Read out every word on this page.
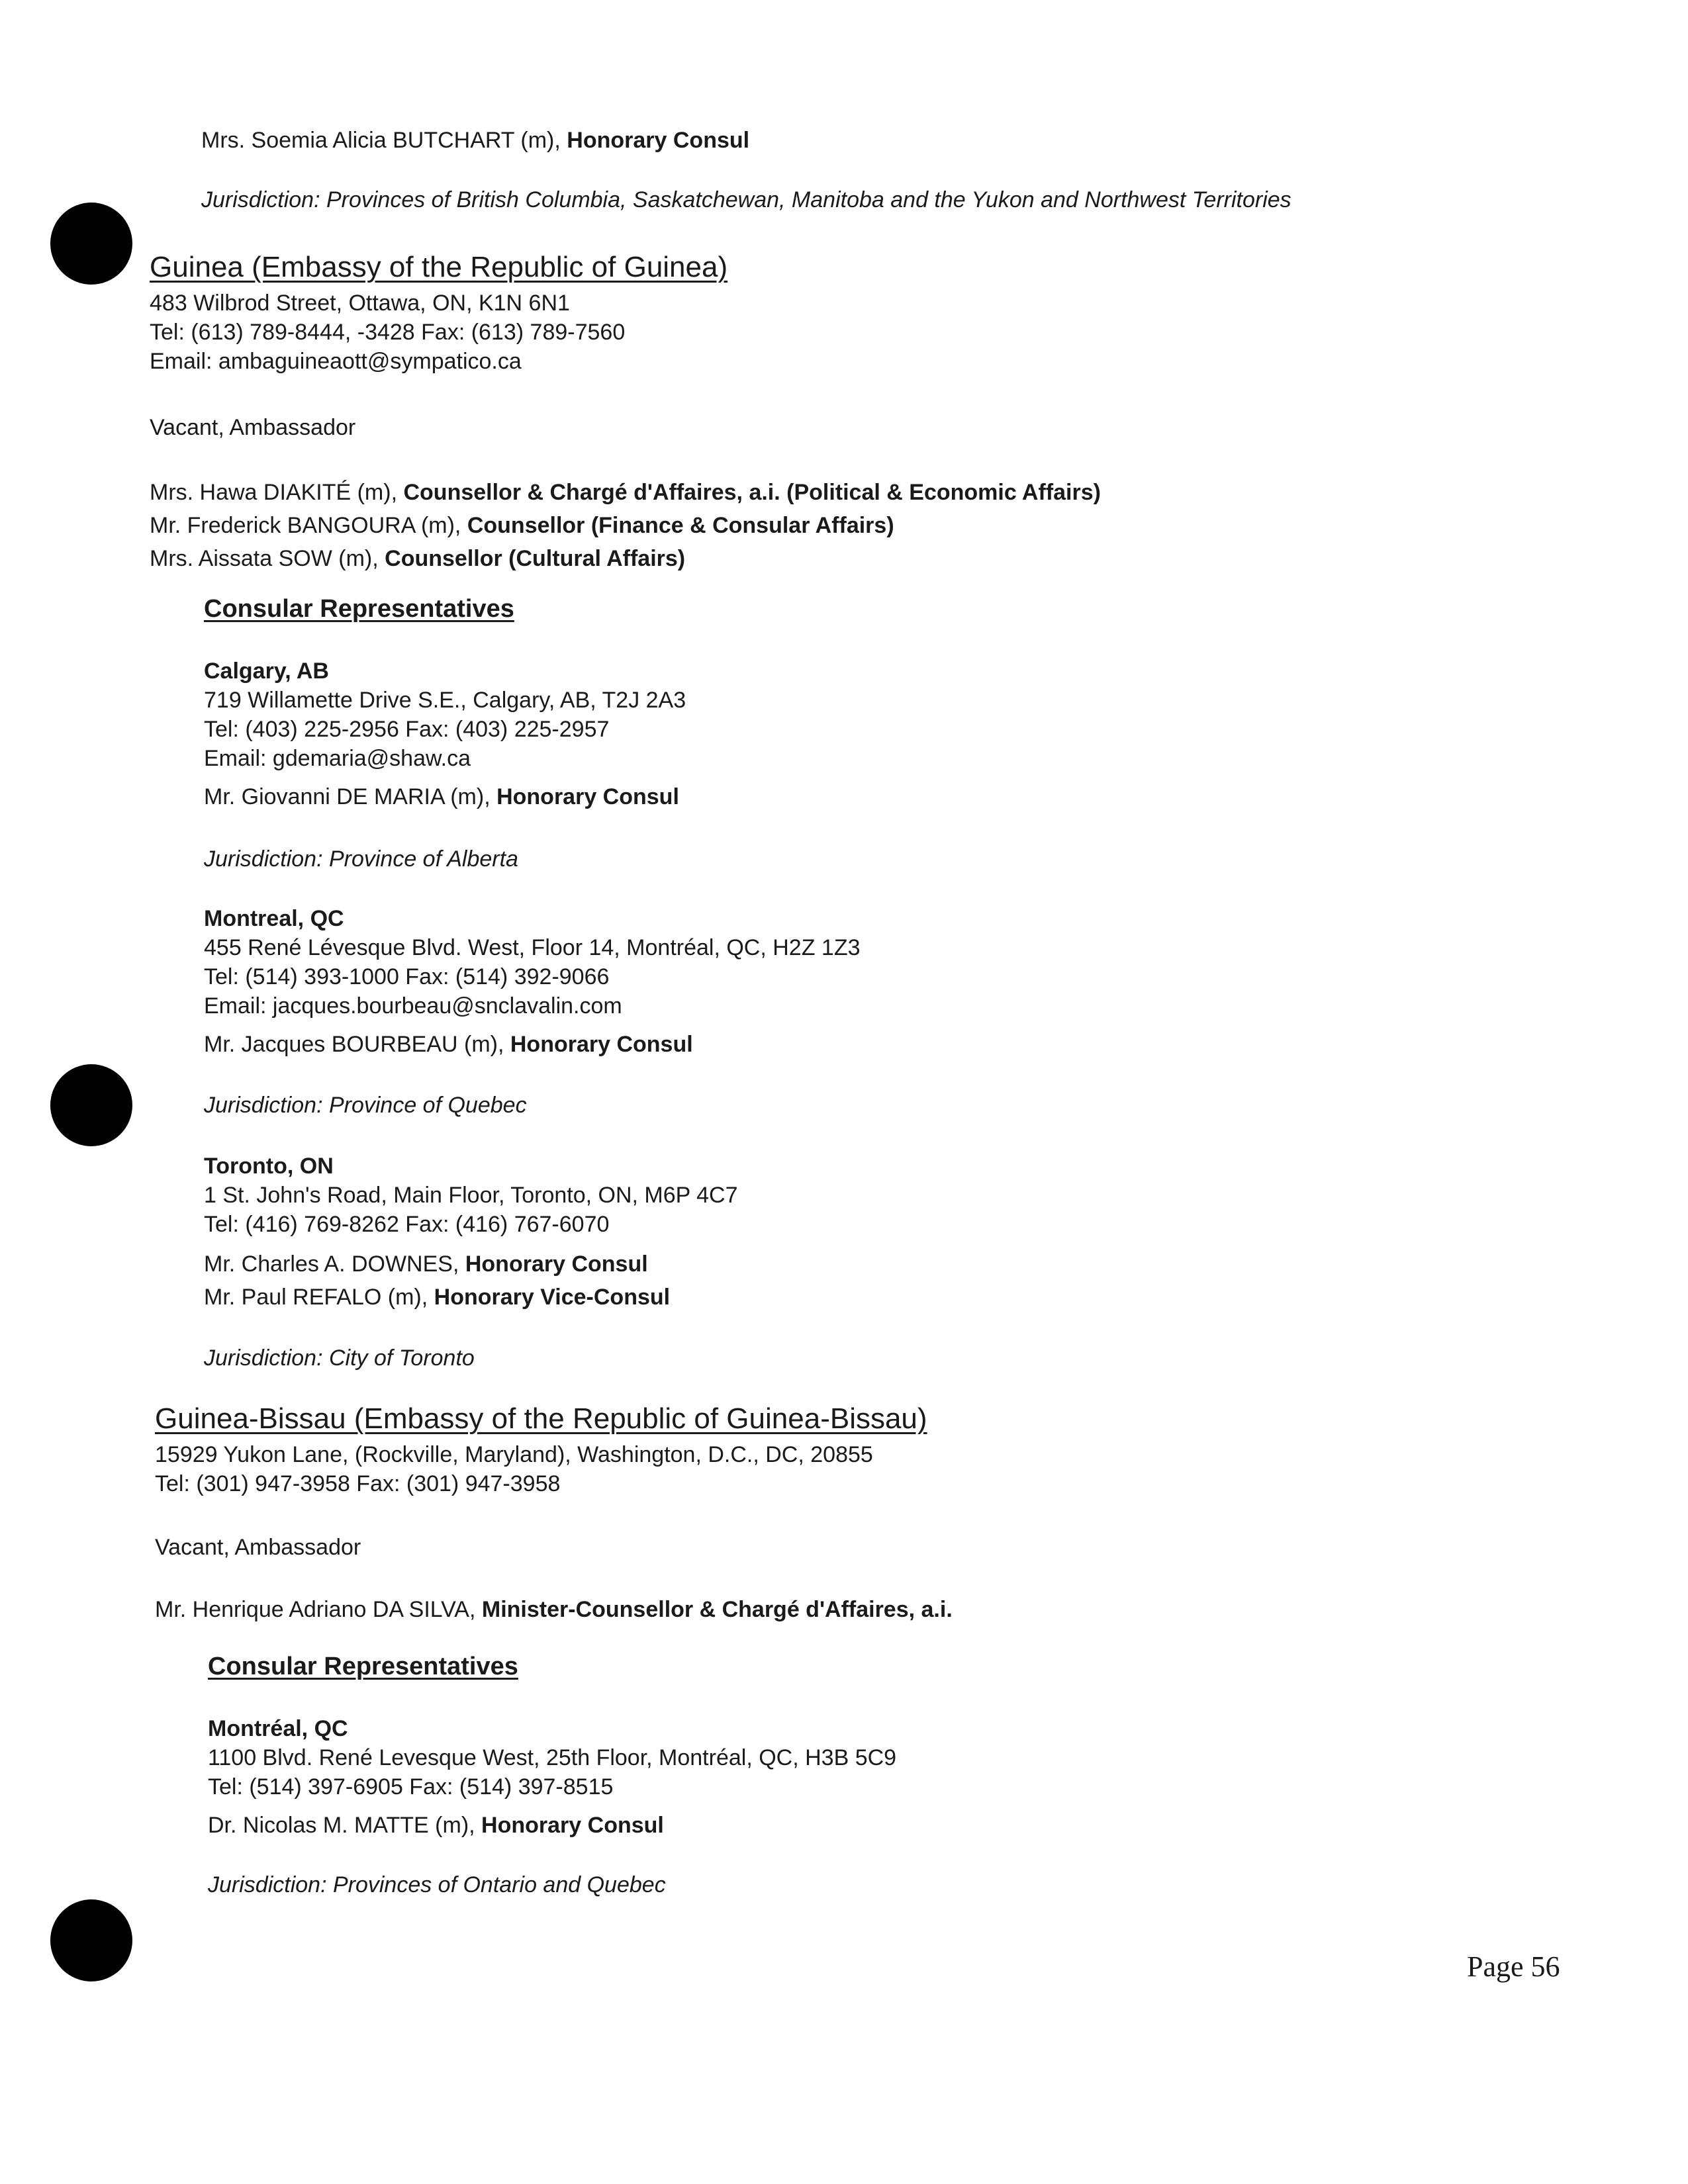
Mrs. Soemia Alicia BUTCHART (m), Honorary Consul
Jurisdiction: Provinces of British Columbia, Saskatchewan, Manitoba and the Yukon and Northwest Territories
Guinea (Embassy of the Republic of Guinea)
483 Wilbrod Street, Ottawa, ON, K1N 6N1
Tel: (613) 789-8444, -3428 Fax: (613) 789-7560
Email: ambaguineaott@sympatico.ca
Vacant, Ambassador
Mrs. Hawa DIAKITÉ (m), Counsellor & Chargé d'Affaires, a.i. (Political & Economic Affairs)
Mr. Frederick BANGOURA (m), Counsellor (Finance & Consular Affairs)
Mrs. Aissata SOW (m), Counsellor (Cultural Affairs)
Consular Representatives
Calgary, AB
719 Willamette Drive S.E., Calgary, AB, T2J 2A3
Tel: (403) 225-2956 Fax: (403) 225-2957
Email: gdemaria@shaw.ca
Mr. Giovanni DE MARIA (m), Honorary Consul
Jurisdiction: Province of Alberta
Montreal, QC
455 René Lévesque Blvd. West, Floor 14, Montréal, QC, H2Z 1Z3
Tel: (514) 393-1000 Fax: (514) 392-9066
Email: jacques.bourbeau@snclavalin.com
Mr. Jacques BOURBEAU (m), Honorary Consul
Jurisdiction: Province of Quebec
Toronto, ON
1 St. John's Road, Main Floor, Toronto, ON, M6P 4C7
Tel: (416) 769-8262 Fax: (416) 767-6070
Mr. Charles A. DOWNES, Honorary Consul
Mr. Paul REFALO (m), Honorary Vice-Consul
Jurisdiction: City of Toronto
Guinea-Bissau (Embassy of the Republic of Guinea-Bissau)
15929 Yukon Lane, (Rockville, Maryland), Washington, D.C., DC, 20855
Tel: (301) 947-3958 Fax: (301) 947-3958
Vacant, Ambassador
Mr. Henrique Adriano DA SILVA, Minister-Counsellor & Chargé d'Affaires, a.i.
Consular Representatives
Montréal, QC
1100 Blvd. René Levesque West, 25th Floor, Montréal, QC, H3B 5C9
Tel: (514) 397-6905 Fax: (514) 397-8515
Dr. Nicolas M. MATTE (m), Honorary Consul
Jurisdiction: Provinces of Ontario and Quebec
Page 56
